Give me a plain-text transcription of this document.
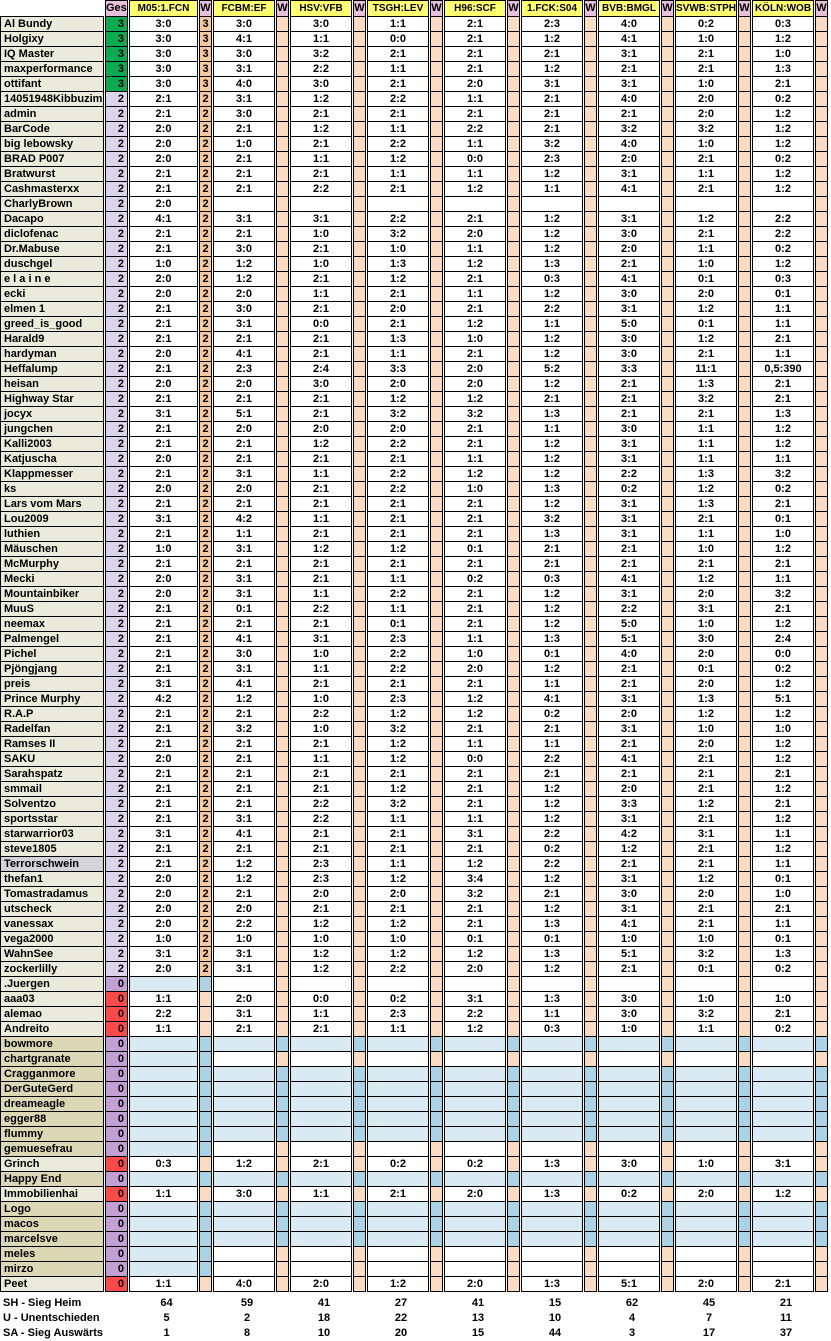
Ges	M05:1.FCN W	FCBM:EF W	HSV:VFB	W TSGH:LEV W	H96:SCF	W 1.FCK:S04 W BVB:BMGL W SVWB:STPH W KÖLN:WOB W
Al Bundy	3	3:0	3	3:0	3:0	1:1	2:1	2:3	4:0	0:2	0:3
Holgixy	3	3:0	3	4:1	1:1	0:0	2:1	1:2	4:1	1:0	1:2
IQ Master	3	3:0	3	3:0	3:2	2:1	2:1	2:1	3:1	2:1	1:0
maxperformance	3	3:0	3	3:1	2:2	1:1	2:1	1:2	2:1	2:1	1:3
ottifant	3	3:0	3	4:0	3:0	2:1	2:0	3:1	3:1	1:0	2:1
14051948Kibbuzim	2	2:1	2	3:1	1:2	2:2	1:1	2:1	4:0	2:0	0:2
admin	2	2:1	2	3:0	2:1	2:1	2:1	2:1	2:1	2:0	1:2
BarCode	2	2:0	2	2:1	1:2	1:1	2:2	2:1	3:2	3:2	1:2
big lebowsky	2	2:0	2	1:0	2:1	2:2	1:1	3:2	4:0	1:0	1:2
BRAD P007	2	2:0	2	2:1	1:1	1:2	0:0	2:3	2:0	2:1	0:2
Bratwurst	2	2:1	2	2:1	2:1	1:1	1:1	1:2	3:1	1:1	1:2
Cashmasterxx	2	2:1	2	2:1	2:2	2:1	1:2	1:1	4:1	2:1	1:2
CharlyBrown	2	2:0	2
Dacapo	2	4:1	2	3:1	3:1	2:2	2:1	1:2	3:1	1:2	2:2
diclofenac	2	2:1	2	2:1	1:0	3:2	2:0	1:2	3:0	2:1	2:2
Dr.Mabuse	2	2:1	2	3:0	2:1	1:0	1:1	1:2	2:0	1:1	0:2
duschgel	2	1:0	2	1:2	1:0	1:3	1:2	1:3	2:1	1:0	1:2
e l a i n e	2	2:0	2	1:2	2:1	1:2	2:1	0:3	4:1	0:1	0:3
ecki	2	2:0	2	2:0	1:1	2:1	1:1	1:2	3:0	2:0	0:1
elmen 1	2	2:1	2	3:0	2:1	2:0	2:1	2:2	3:1	1:2	1:1
greed_is_good	2	2:1	2	3:1	0:0	2:1	1:2	1:1	5:0	0:1	1:1
Harald9	2	2:1	2	2:1	2:1	1:3	1:0	1:2	3:0	1:2	2:1
hardyman	2	2:0	2	4:1	2:1	1:1	2:1	1:2	3:0	2:1	1:1
Heffalump	2	2:1	2	2:3	2:4	3:3	2:0	5:2	3:3	11:1	0,5:390
heisan	2	2:0	2	2:0	3:0	2:0	2:0	1:2	2:1	1:3	2:1
Highway Star	2	2:1	2	2:1	2:1	1:2	1:2	2:1	2:1	3:2	2:1
jocyx	2	3:1	2	5:1	2:1	3:2	3:2	1:3	2:1	2:1	1:3
jungchen	2	2:1	2	2:0	2:0	2:0	2:1	1:1	3:0	1:1	1:2
Kalli2003	2	2:1	2	2:1	1:2	2:2	2:1	1:2	3:1	1:1	1:2
Katjuscha	2	2:0	2	2:1	2:1	2:1	1:1	1:2	3:1	1:1	1:1
Klappmesser	2	2:1	2	3:1	1:1	2:2	1:2	1:2	2:2	1:3	3:2
ks	2	2:0	2	2:0	2:1	2:2	1:0	1:3	0:2	1:2	0:2
Lars vom Mars	2	2:1	2	2:1	2:1	2:1	2:1	1:2	3:1	1:3	2:1
Lou2009	2	3:1	2	4:2	1:1	2:1	2:1	3:2	3:1	2:1	0:1
luthien	2	2:1	2	1:1	2:1	2:1	2:1	1:3	3:1	1:1	1:0
Mäuschen	2	1:0	2	3:1	1:2	1:2	0:1	2:1	2:1	1:0	1:2
McMurphy	2	2:1	2	2:1	2:1	2:1	2:1	2:1	2:1	2:1	2:1
Mecki	2	2:0	2	3:1	2:1	1:1	0:2	0:3	4:1	1:2	1:1
Mountainbiker	2	2:0	2	3:1	1:1	2:2	2:1	1:2	3:1	2:0	3:2
MuuS	2	2:1	2	0:1	2:2	1:1	2:1	1:2	2:2	3:1	2:1
neemax	2	2:1	2	2:1	2:1	0:1	2:1	1:2	5:0	1:0	1:2
Palmengel	2	2:1	2	4:1	3:1	2:3	1:1	1:3	5:1	3:0	2:4
Pichel	2	2:1	2	3:0	1:0	2:2	1:0	0:1	4:0	2:0	0:0
Pjöngjang	2	2:1	2	3:1	1:1	2:2	2:0	1:2	2:1	0:1	0:2
preis	2	3:1	2	4:1	2:1	2:1	2:1	1:1	2:1	2:0	1:2
Prince Murphy	2	4:2	2	1:2	1:0	2:3	1:2	4:1	3:1	1:3	5:1
R.A.P	2	2:1	2	2:1	2:2	1:2	1:2	0:2	2:0	1:2	1:2
Radelfan	2	2:1	2	3:2	1:0	3:2	2:1	2:1	3:1	1:0	1:0
Ramses II	2	2:1	2	2:1	2:1	1:2	1:1	1:1	2:1	2:0	1:2
SAKU	2	2:0	2	2:1	1:1	1:2	0:0	2:2	4:1	2:1	1:2
Sarahspatz	2	2:1	2	2:1	2:1	2:1	2:1	2:1	2:1	2:1	2:1
smmail	2	2:1	2	2:1	2:1	1:2	2:1	1:2	2:0	2:1	1:2
Solventzo	2	2:1	2	2:1	2:2	3:2	2:1	1:2	3:3	1:2	2:1
sportsstar	2	2:1	2	3:1	2:2	1:1	1:1	1:2	3:1	2:1	1:2
starwarrior03	2	3:1	2	4:1	2:1	2:1	3:1	2:2	4:2	3:1	1:1
steve1805	2	2:1	2	2:1	2:1	2:1	2:1	0:2	1:2	2:1	1:2
Terrorschwein	2	2:1	2	1:2	2:3	1:1	1:2	2:2	2:1	2:1	1:1
thefan1	2	2:0	2	1:2	2:3	1:2	3:4	1:2	3:1	1:2	0:1
Tomastradamus	2	2:0	2	2:1	2:0	2:0	3:2	2:1	3:0	2:0	1:0
utscheck	2	2:0	2	2:0	2:1	2:1	2:1	1:2	3:1	2:1	2:1
vanessax	2	2:0	2	2:2	1:2	1:2	2:1	1:3	4:1	2:1	1:1
vega2000	2	1:0	2	1:0	1:0	1:0	0:1	0:1	1:0	1:0	0:1
WahnSee	2	3:1	2	3:1	1:2	1:2	1:2	1:3	5:1	3:2	1:3
zockerlilly	2	2:0	2	3:1	1:2	2:2	2:0	1:2	2:1	0:1	0:2
.Juergen	0
aaa03	0	1:1	2:0	0:0	0:2	3:1	1:3	3:0	1:0	1:0
alemao	0	2:2	3:1	1:1	2:3	2:2	1:1	3:0	3:2	2:1
Andreito	0	1:1	2:1	2:1	1:1	1:2	0:3	1:0	1:1	0:2
bowmore	0
chartgranate	0
Cragganmore	0
DerGuteGerd	0
dreameagle	0
egger88	0
flummy	0
gemuesefrau	0
Grinch	0	0:3	1:2	2:1	0:2	0:2	1:3	3:0	1:0	3:1
Happy End	0
Immobilienhai	0	1:1	3:0	1:1	2:1	2:0	1:3	0:2	2:0	1:2
Logo	0
macos	0
marcelsve	0
meles	0
mirzo	0
Peet	0	1:1	4:0	2:0	1:2	2:0	1:3	5:1	2:0	2:1
SH - Sieg Heim	64	59	41	27	41	15	62	45	21
U - Unentschieden	5	2	18	22	13	10	4	7	11
SA - Sieg Auswärts	1	8	10	20	15	44	3	17	37
